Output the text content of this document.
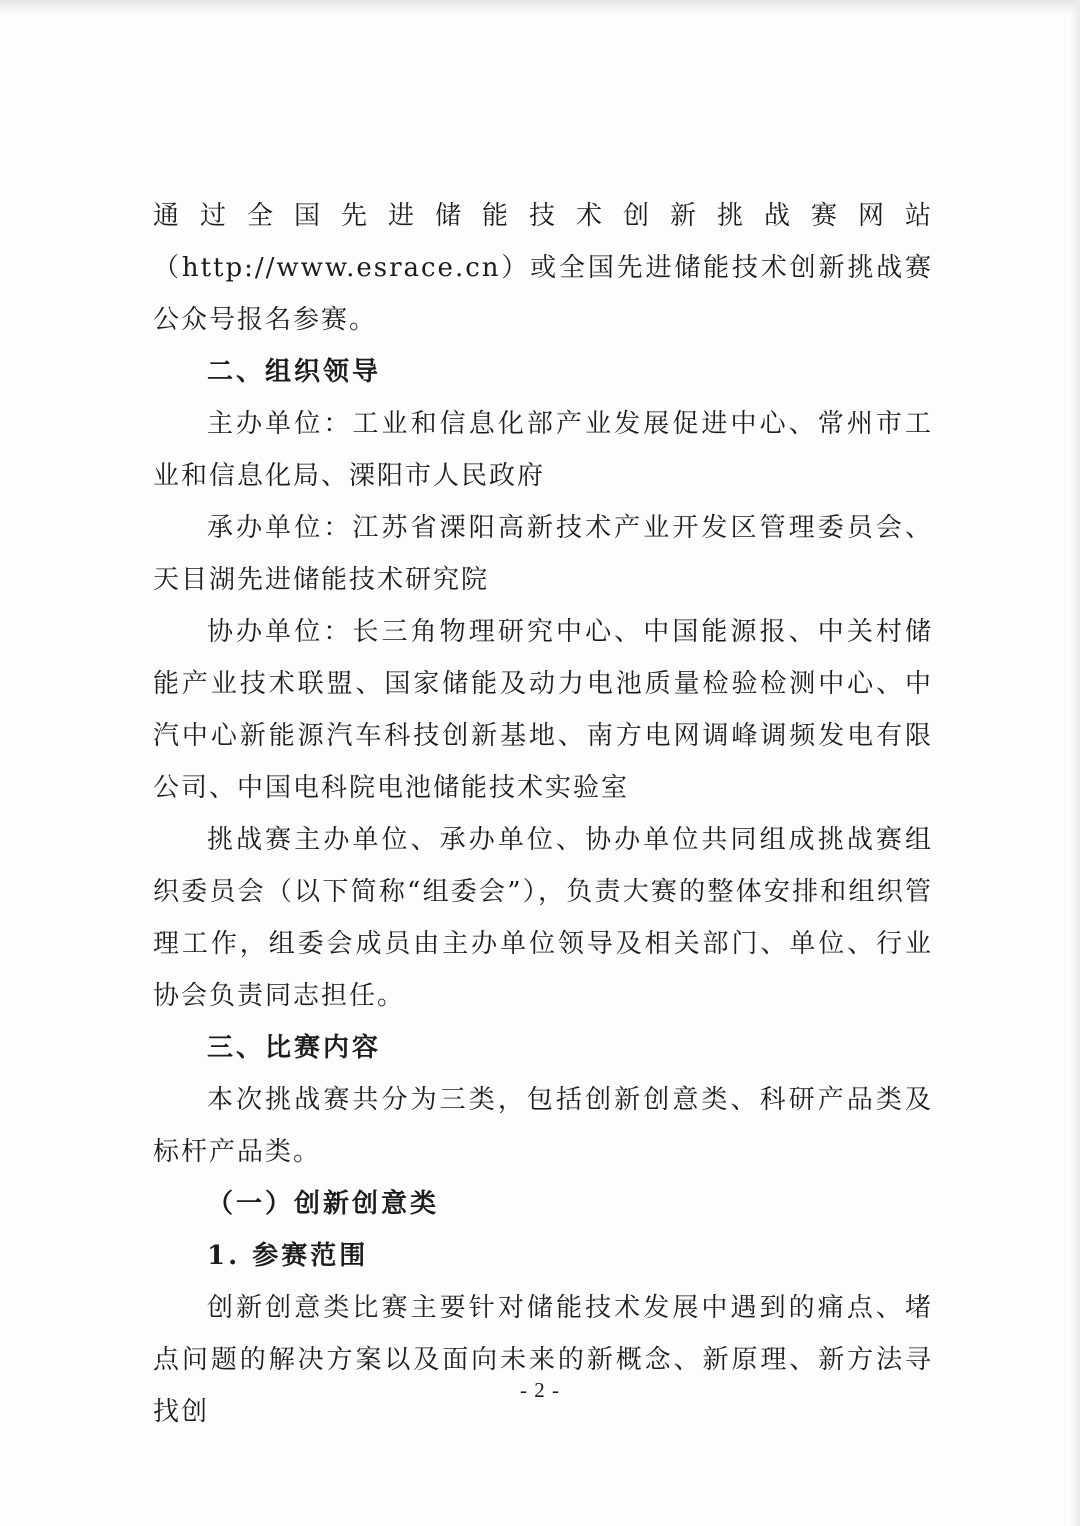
通过全国先进储能技术创新挑战赛网站（http://www.esrace.cn）或全国先进储能技术创新挑战赛公众号报名参赛。

二、组织领导

主办单位：工业和信息化部产业发展促进中心、常州市工业和信息化局、溧阳市人民政府

承办单位：江苏省溧阳高新技术产业开发区管理委员会、天目湖先进储能技术研究院

协办单位：长三角物理研究中心、中国能源报、中关村储能产业技术联盟、国家储能及动力电池质量检验检测中心、中汽中心新能源汽车科技创新基地、南方电网调峰调频发电有限公司、中国电科院电池储能技术实验室

挑战赛主办单位、承办单位、协办单位共同组成挑战赛组织委员会（以下简称“组委会”），负责大赛的整体安排和组织管理工作，组委会成员由主办单位领导及相关部门、单位、行业协会负责同志担任。

三、比赛内容

本次挑战赛共分为三类，包括创新创意类、科研产品类及标杆产品类。

（一）创新创意类

1. 参赛范围

创新创意类比赛主要针对储能技术发展中遇到的痛点、堵点问题的解决方案以及面向未来的新概念、新原理、新方法寻找创

- 2 -
